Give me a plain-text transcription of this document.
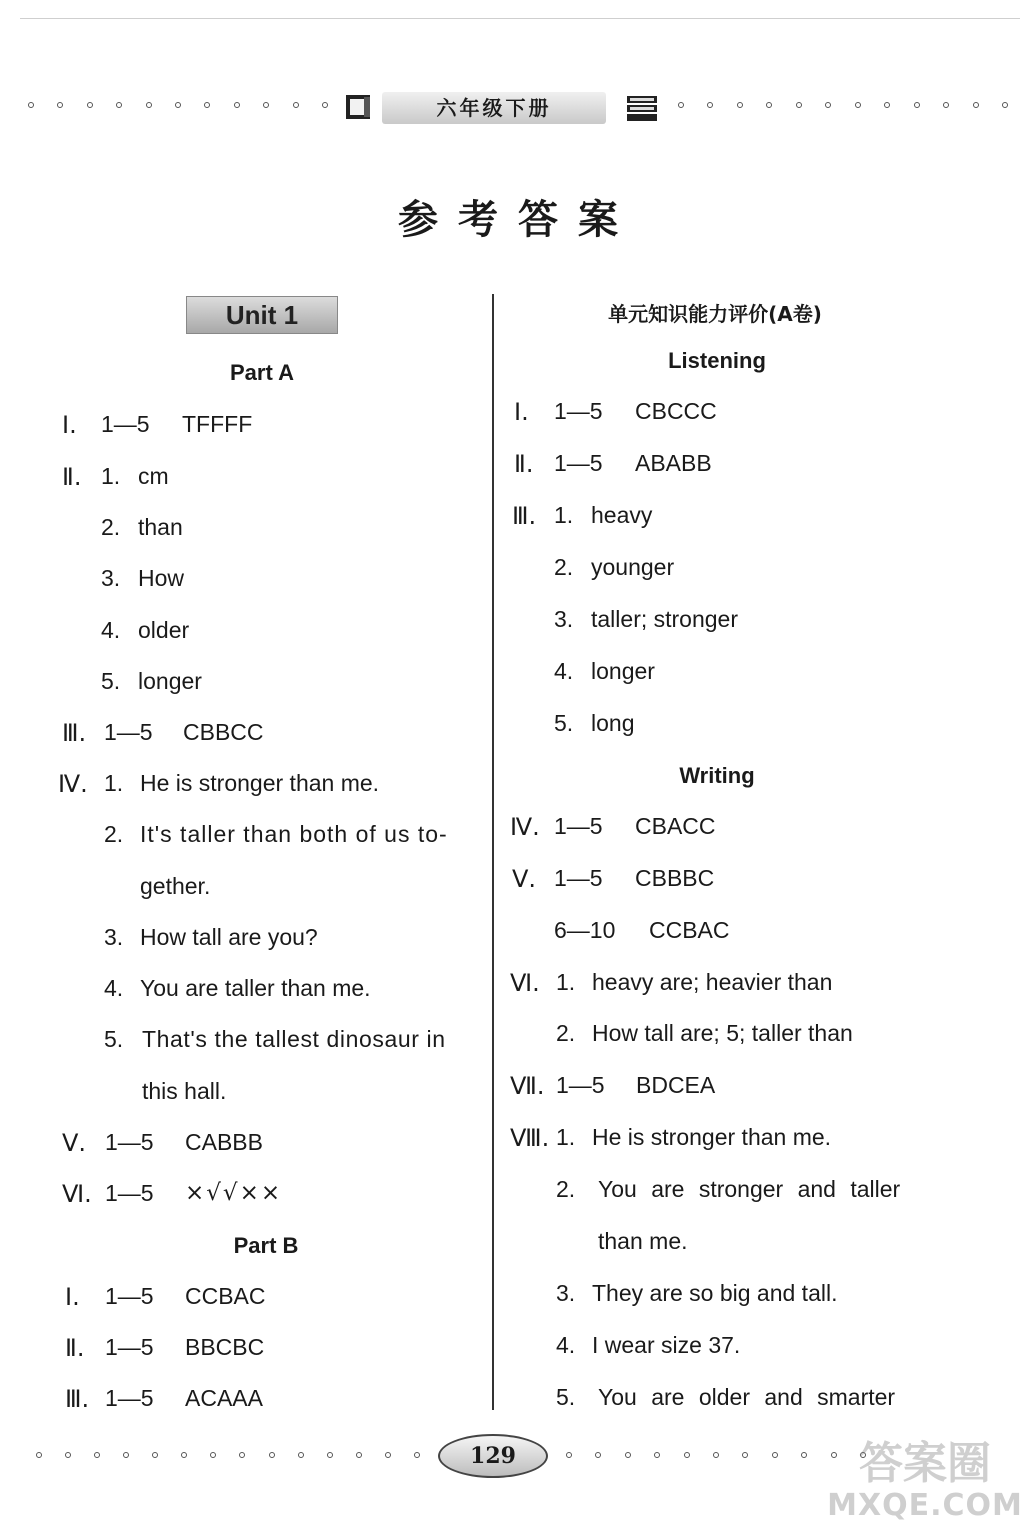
六年级下册
参考答案
Unit 1
Part A
Ⅰ. 1—5 TFFFF
Ⅱ. 1. cm
2. than
3. How
4. older
5. longer
Ⅲ. 1—5 CBBCC
Ⅳ. 1. He is stronger than me.
2. It's taller than both of us to-
gether.
3. How tall are you?
4. You are taller than me.
5. That's the tallest dinosaur in
this hall.
Ⅴ. 1—5 CABBB
Ⅵ. 1—5 ×√√××
Part B
Ⅰ. 1—5 CCBAC
Ⅱ. 1—5 BBCBC
Ⅲ. 1—5 ACAAA
单元知识能力评价(A卷)
Listening
Ⅰ. 1—5 CBCCC
Ⅱ. 1—5 ABABB
Ⅲ. 1. heavy
2. younger
3. taller; stronger
4. longer
5. long
Writing
Ⅳ. 1—5 CBACC
Ⅴ. 1—5 CBBBC
6—10 CCBAC
Ⅵ. 1. heavy are; heavier than
2. How tall are; 5; taller than
Ⅶ. 1—5 BDCEA
Ⅷ. 1. He is stronger than me.
2. You are stronger and taller
than me.
3. They are so big and tall.
4. I wear size 37.
5. You are older and smarter
129	答案圈
MXQE.COM
